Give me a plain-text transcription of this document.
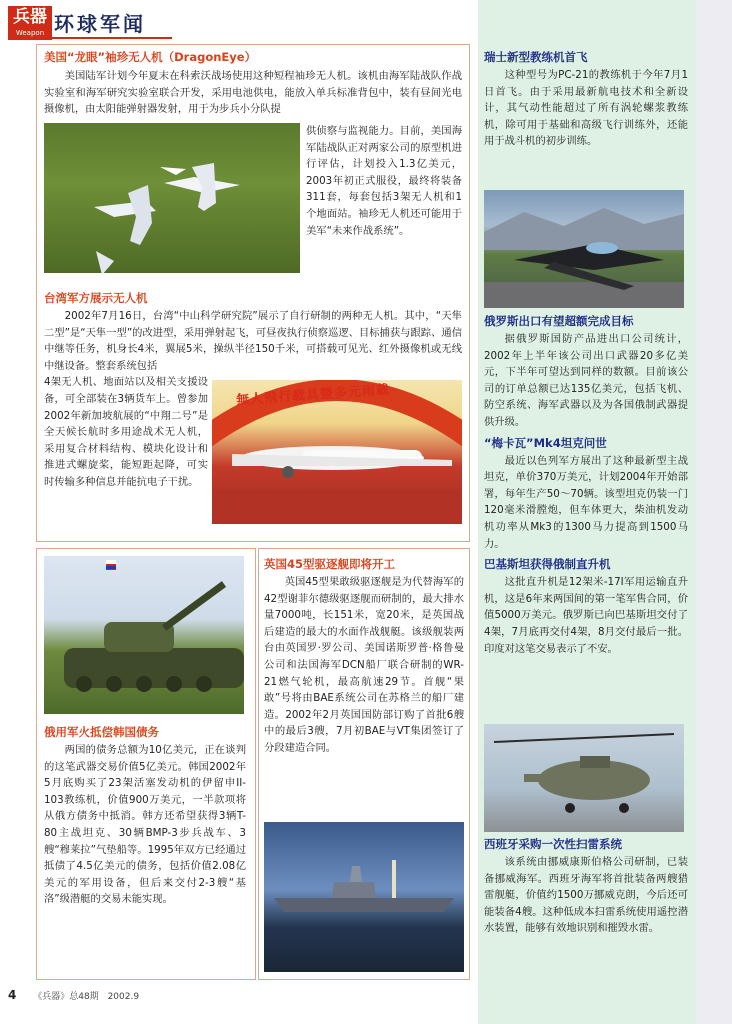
兵器
Weapon 环球军闻
美国“龙眼”袖珍无人机（DragonEye）

美国陆军计划今年夏末在科索沃战场使用这种短程袖珍无人机。该机由海军陆战队作战实验室和海军研究实验室联合开发，采用电池供电，能放入单兵标准背包中，装有昼间光电摄像机，由太阳能弹射器发射，用于为步兵小分队提

供侦察与监视能力。目前，美国海军陆战队正对两家公司的原型机进行评估，计划投入1.3亿美元，2003年初正式服役，最终将装备311套，每套包括3架无人机和1个地面站。袖珍无人机还可能用于美军“未来作战系统”。

台湾军方展示无人机

2002年7月16日，台湾“中山科学研究院”展示了自行研制的两种无人机。其中，“天隼二型”是“天隼一型”的改进型，采用弹射起飞，可昼夜执行侦察巡逻、目标捕获与跟踪、通信中继等任务，机身长4米，翼展5米，操纵半径150千米，可搭载可见光、红外摄像机或无线中继设备。整套系统包括

4架无人机、地面站以及相关支援设备，可全部装在3辆货车上。曾参加2002年新加坡航展的“中翔二号”是全天候长航时多用途战术无人机，采用复合材料结构、模块化设计和推进式螺旋桨，能短距起降，可实时传输多种信息并能抗电子干扰。

無人飛行載具暨多元雨載
俄用军火抵偿韩国债务

两国的债务总额为10亿美元，正在谈判的这笔武器交易价值5亿美元。韩国2002年5月底购买了23架活塞发动机的伊留申II-103教练机，价值900万美元，一半款项将从俄方债务中抵消。韩方还希望获得3辆T-80主战坦克、30辆BMP-3步兵战车、3艘“穆莱拉”气垫船等。1995年双方已经通过抵债了4.5亿美元的债务，包括价值2.08亿美元的军用设备，但后来交付2-3艘“基洛”级潜艇的交易未能实现。

英国45型驱逐舰即将开工

英国45型果敢级驱逐舰是为代替海军的42型谢菲尔德级驱逐舰而研制的，最大排水量7000吨，长151米，宽20米，是英国战后建造的最大的水面作战舰艇。该级舰装两台由英国罗·罗公司、美国诺斯罗普·格鲁曼公司和法国海军DCN船厂联合研制的WR-21燃气轮机，最高航速29节。首舰“果敢”号将由BAE系统公司在苏格兰的船厂建造。2002年2月英国国防部订购了首批6艘中的最后3艘，7月初BAE与VT集团签订了分段建造合同。

瑞士新型教练机首飞

这种型号为PC-21的教练机于今年7月1日首飞。由于采用最新航电技术和全新设计，其气动性能超过了所有涡轮螺浆教练机，除可用于基础和高级飞行训练外，还能用于战斗机的初步训练。

俄罗斯出口有望超额完成目标

据俄罗斯国防产品进出口公司统计，2002年上半年该公司出口武器20多亿美元，下半年可望达到同样的数额。目前该公司的订单总额已达135亿美元，包括飞机、防空系统、海军武器以及为各国俄制武器提供升级。

“梅卡瓦”Mk4坦克问世

最近以色列军方展出了这种最新型主战坦克，单价370万美元，计划2004年开始部署，每年生产50～70辆。该型坦克仍装一门120毫米滑膛炮，但车体更大，柴油机发动机功率从Mk3的1300马力提高到1500马力。

巴基斯坦获得俄制直升机

这批直升机是12架米-17I军用运输直升机，这是6年来两国间的第一笔军售合同，价值5000万美元。俄罗斯已向巴基斯坦交付了4架，7月底再交付4架，8月交付最后一批。印度对这笔交易表示了不安。

西班牙采购一次性扫雷系统

该系统由挪威康斯伯格公司研制，已装备挪威海军。西班牙海军将首批装备两艘猎雷舰艇，价值约1500万挪威克朗，今后还可能装备4艘。这种低成本扫雷系统使用遥控潜水装置，能够有效地识别和摧毁水雷。

4 《兵器》总48期 2002.9
